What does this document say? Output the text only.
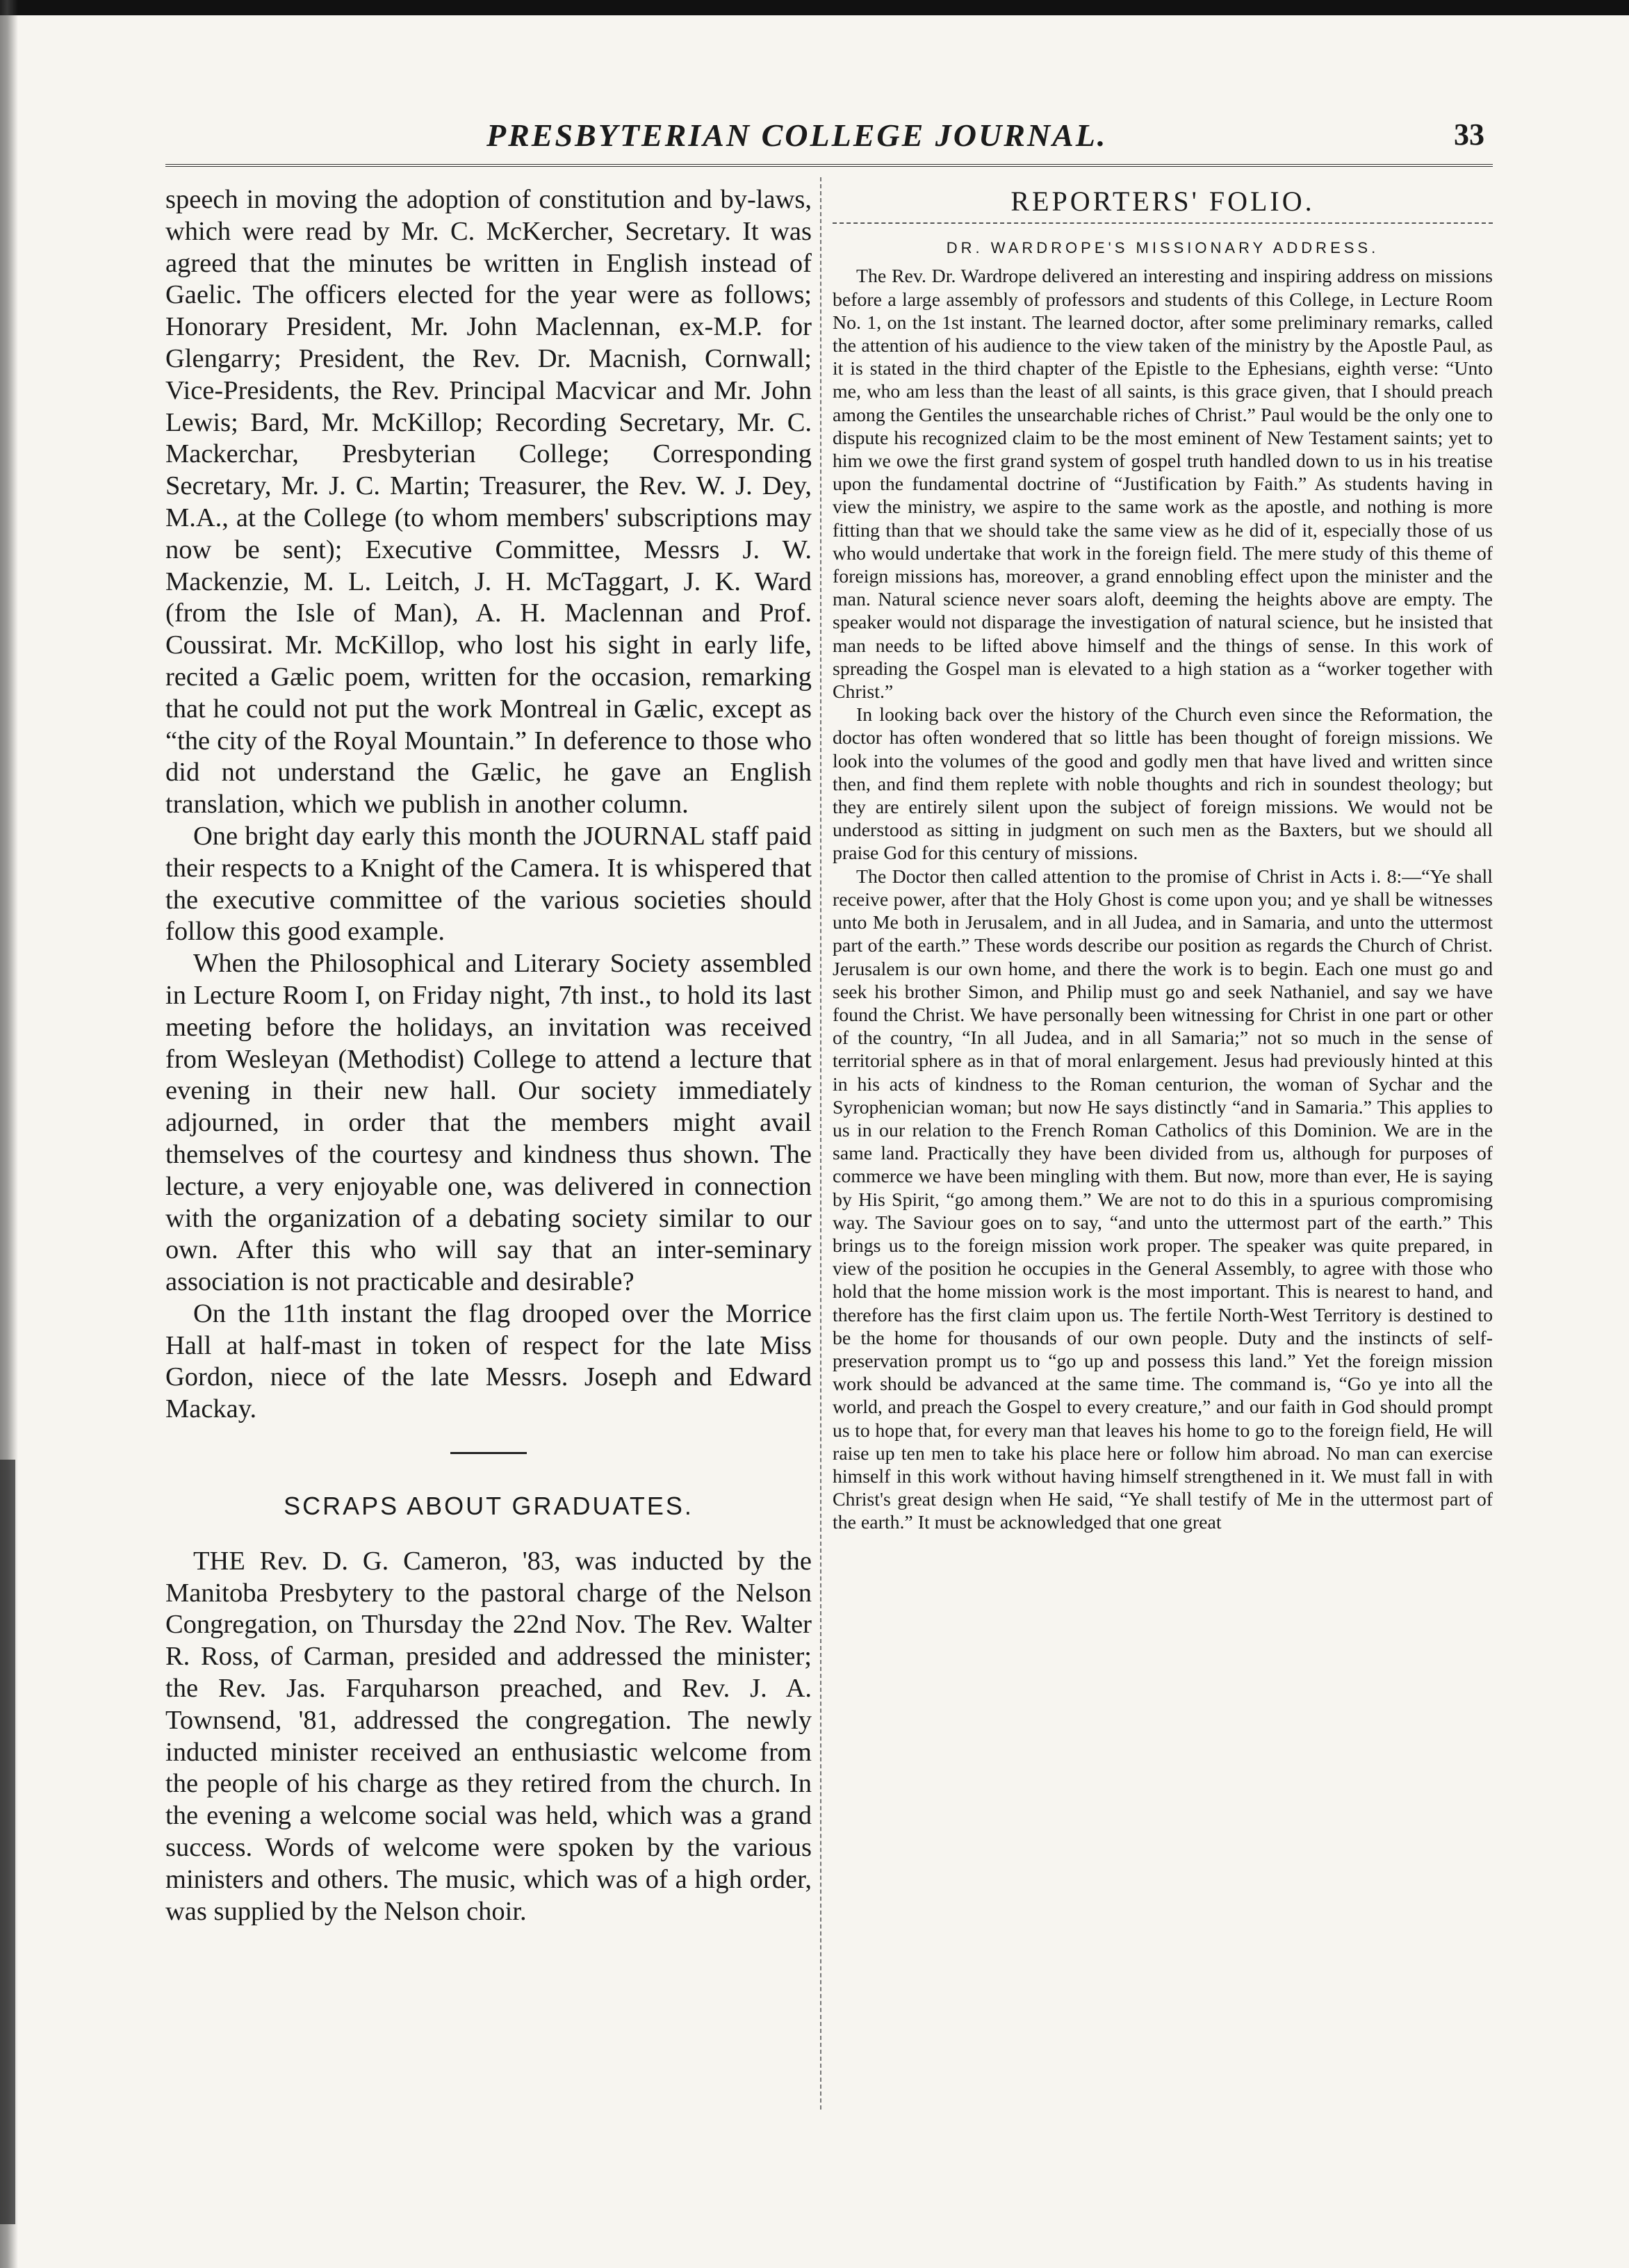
PRESBYTERIAN COLLEGE JOURNAL.	33

speech in moving the adoption of constitution and by-laws, which were read by Mr. C. McKercher, Secretary. It was agreed that the minutes be written in English instead of Gaelic. The officers elected for the year were as follows; Honorary President, Mr. John Maclennan, ex-M.P. for Glengarry; President, the Rev. Dr. Macnish, Cornwall; Vice-Presidents, the Rev. Principal Macvicar and Mr. John Lewis; Bard, Mr. McKillop; Recording Secretary, Mr. C. Mackerchar, Presbyterian College; Corresponding Secretary, Mr. J. C. Martin; Treasurer, the Rev. W. J. Dey, M.A., at the College (to whom members' subscriptions may now be sent); Executive Committee, Messrs J. W. Mackenzie, M. L. Leitch, J. H. McTaggart, J. K. Ward (from the Isle of Man), A. H. Maclennan and Prof. Coussirat. Mr. McKillop, who lost his sight in early life, recited a Gælic poem, written for the occasion, remarking that he could not put the work Montreal in Gælic, except as “the city of the Royal Mountain.” In deference to those who did not understand the Gælic, he gave an English translation, which we publish in another column.

One bright day early this month the JOURNAL staff paid their respects to a Knight of the Camera. It is whispered that the executive committee of the various societies should follow this good example.

When the Philosophical and Literary Society assembled in Lecture Room I, on Friday night, 7th inst., to hold its last meeting before the holidays, an invitation was received from Wesleyan (Methodist) College to attend a lecture that evening in their new hall. Our society immediately adjourned, in order that the members might avail themselves of the courtesy and kindness thus shown. The lecture, a very enjoyable one, was delivered in connection with the organization of a debating society similar to our own. After this who will say that an inter-seminary association is not practicable and desirable?

On the 11th instant the flag drooped over the Morrice Hall at half-mast in token of respect for the late Miss Gordon, niece of the late Messrs. Joseph and Edward Mackay.

SCRAPS ABOUT GRADUATES.

THE Rev. D. G. Cameron, '83, was inducted by the Manitoba Presbytery to the pastoral charge of the Nelson Congregation, on Thursday the 22nd Nov. The Rev. Walter R. Ross, of Carman, presided and addressed the minister; the Rev. Jas. Farquharson preached, and Rev. J. A. Townsend, '81, addressed the congregation. The newly inducted minister received an enthusiastic welcome from the people of his charge as they retired from the church. In the evening a welcome social was held, which was a grand success. Words of welcome were spoken by the various ministers and others. The music, which was of a high order, was supplied by the Nelson choir.

REPORTERS' FOLIO.
DR. WARDROPE'S MISSIONARY ADDRESS.

The Rev. Dr. Wardrope delivered an interesting and inspiring address on missions before a large assembly of professors and students of this College, in Lecture Room No. 1, on the 1st instant. The learned doctor, after some preliminary remarks, called the attention of his audience to the view taken of the ministry by the Apostle Paul, as it is stated in the third chapter of the Epistle to the Ephesians, eighth verse: “Unto me, who am less than the least of all saints, is this grace given, that I should preach among the Gentiles the unsearchable riches of Christ.” Paul would be the only one to dispute his recognized claim to be the most eminent of New Testament saints; yet to him we owe the first grand system of gospel truth handled down to us in his treatise upon the fundamental doctrine of “Justification by Faith.” As students having in view the ministry, we aspire to the same work as the apostle, and nothing is more fitting than that we should take the same view as he did of it, especially those of us who would undertake that work in the foreign field. The mere study of this theme of foreign missions has, moreover, a grand ennobling effect upon the minister and the man. Natural science never soars aloft, deeming the heights above are empty. The speaker would not disparage the investigation of natural science, but he insisted that man needs to be lifted above himself and the things of sense. In this work of spreading the Gospel man is elevated to a high station as a “worker together with Christ.”

In looking back over the history of the Church even since the Reformation, the doctor has often wondered that so little has been thought of foreign missions. We look into the volumes of the good and godly men that have lived and written since then, and find them replete with noble thoughts and rich in soundest theology; but they are entirely silent upon the subject of foreign missions. We would not be understood as sitting in judgment on such men as the Baxters, but we should all praise God for this century of missions.

The Doctor then called attention to the promise of Christ in Acts i. 8:—“Ye shall receive power, after that the Holy Ghost is come upon you; and ye shall be witnesses unto Me both in Jerusalem, and in all Judea, and in Samaria, and unto the uttermost part of the earth.” These words describe our position as regards the Church of Christ. Jerusalem is our own home, and there the work is to begin. Each one must go and seek his brother Simon, and Philip must go and seek Nathaniel, and say we have found the Christ. We have personally been witnessing for Christ in one part or other of the country, “In all Judea, and in all Samaria;” not so much in the sense of territorial sphere as in that of moral enlargement. Jesus had previously hinted at this in his acts of kindness to the Roman centurion, the woman of Sychar and the Syrophenician woman; but now He says distinctly “and in Samaria.” This applies to us in our relation to the French Roman Catholics of this Dominion. We are in the same land. Practically they have been divided from us, although for purposes of commerce we have been mingling with them. But now, more than ever, He is saying by His Spirit, “go among them.” We are not to do this in a spurious compromising way. The Saviour goes on to say, “and unto the uttermost part of the earth.” This brings us to the foreign mission work proper. The speaker was quite prepared, in view of the position he occupies in the General Assembly, to agree with those who hold that the home mission work is the most important. This is nearest to hand, and therefore has the first claim upon us. The fertile North-West Territory is destined to be the home for thousands of our own people. Duty and the instincts of self-preservation prompt us to “go up and possess this land.” Yet the foreign mission work should be advanced at the same time. The command is, “Go ye into all the world, and preach the Gospel to every creature,” and our faith in God should prompt us to hope that, for every man that leaves his home to go to the foreign field, He will raise up ten men to take his place here or follow him abroad. No man can exercise himself in this work without having himself strengthened in it. We must fall in with Christ's great design when He said, “Ye shall testify of Me in the uttermost part of the earth.” It must be acknowledged that one great
